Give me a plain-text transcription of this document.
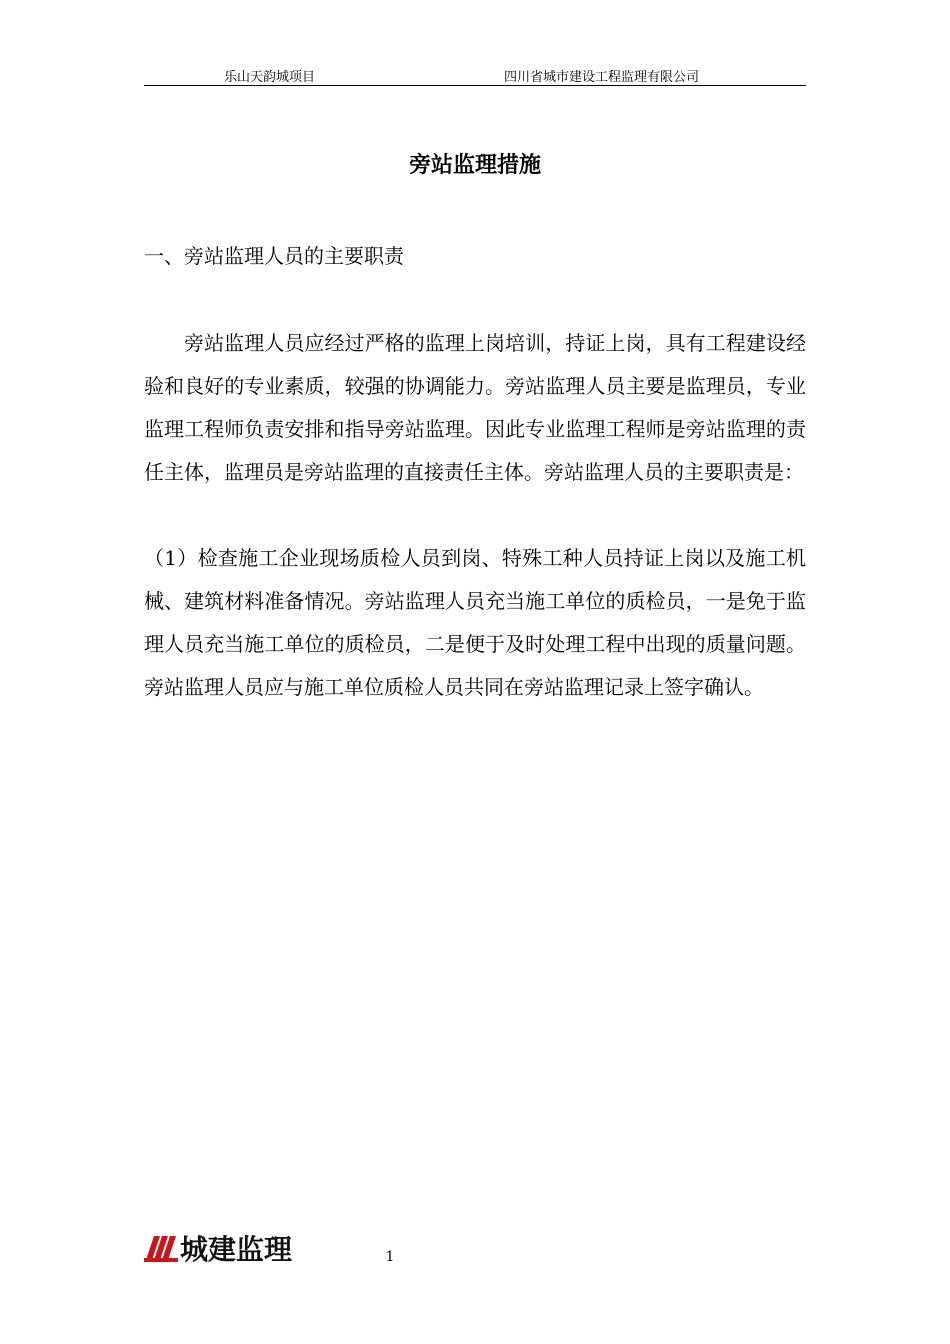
乐山天韵城项目	四川省城市建设工程监理有限公司
旁站监理措施
一、旁站监理人员的主要职责

旁站监理人员应经过严格的监理上岗培训，持证上岗，具有工程建设经验和良好的专业素质，较强的协调能力。旁站监理人员主要是监理员，专业监理工程师负责安排和指导旁站监理。因此专业监理工程师是旁站监理的责任主体，监理员是旁站监理的直接责任主体。旁站监理人员的主要职责是：

（1）检查施工企业现场质检人员到岗、特殊工种人员持证上岗以及施工机械、建筑材料准备情况。旁站监理人员充当施工单位的质检员，一是免于监理人员充当施工单位的质检员，二是便于及时处理工程中出现的质量问题。旁站监理人员应与施工单位质检人员共同在旁站监理记录上签字确认。

城建监理	1
